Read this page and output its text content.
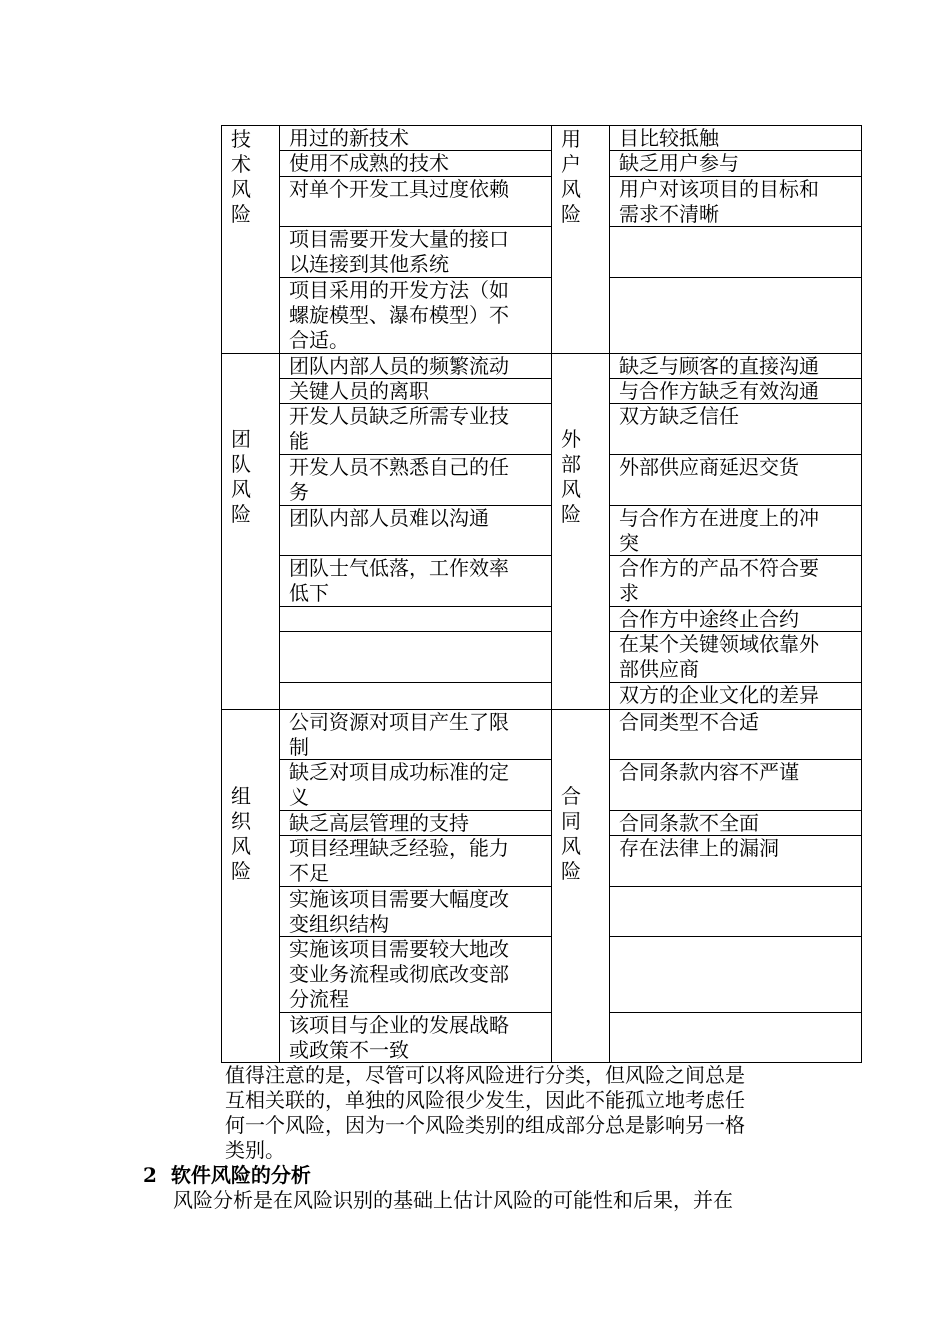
技
术
风
险
用
户
风
险
用过的新技术
使用不成熟的技术
对单个开发工具过度依赖
项目需要开发大量的接口
以连接到其他系统
项目采用的开发方法（如
螺旋模型、瀑布模型）不
合适。
目比较抵触
缺乏用户参与
用户对该项目的目标和
需求不清晰
团
队
风
险
外
部
风
险
团队内部人员的频繁流动
关键人员的离职
开发人员缺乏所需专业技
能
开发人员不熟悉自己的任
务
团队内部人员难以沟通
团队士气低落，工作效率
低下
缺乏与顾客的直接沟通
与合作方缺乏有效沟通
双方缺乏信任
外部供应商延迟交货
与合作方在进度上的冲
突
合作方的产品不符合要
求
合作方中途终止合约
在某个关键领域依靠外
部供应商
双方的企业文化的差异
组
织
风
险
合
同
风
险
公司资源对项目产生了限
制
缺乏对项目成功标准的定
义
缺乏高层管理的支持
项目经理缺乏经验，能力
不足
实施该项目需要大幅度改
变组织结构
实施该项目需要较大地改
变业务流程或彻底改变部
分流程
该项目与企业的发展战略
或政策不一致
合同类型不合适
合同条款内容不严谨
合同条款不全面
存在法律上的漏洞
值得注意的是，尽管可以将风险进行分类，但风险之间总是
互相关联的，单独的风险很少发生，因此不能孤立地考虑任
何一个风险，因为一个风险类别的组成部分总是影响另一格
类别。
2 软件风险的分析
风险分析是在风险识别的基础上估计风险的可能性和后果，并在
